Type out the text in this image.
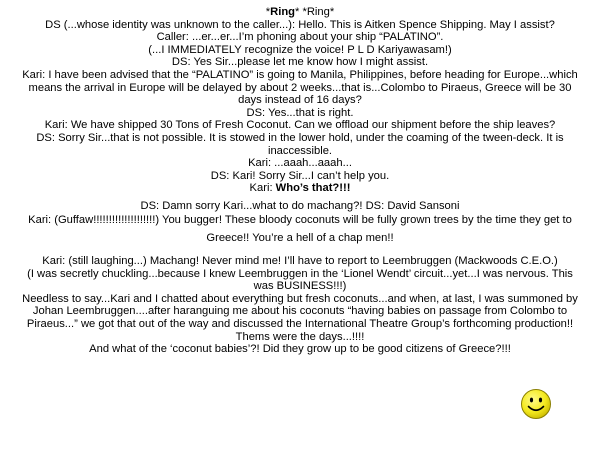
*Ring* *Ring*
DS (...whose identity was unknown to the caller...): Hello. This is Aitken Spence Shipping. May I assist?
Caller: ...er...er...I’m phoning about your ship “PALATINO”.
(...I IMMEDIATELY recognize the voice! P L D Kariyawasam!)
DS: Yes Sir...please let me know how I might assist.
Kari: I have been advised that the “PALATINO” is going to Manila, Philippines, before heading for Europe...which
means the arrival in Europe will be delayed by about 2 weeks...that is...Colombo to Piraeus, Greece will be 30
days instead of 16 days?
DS: Yes...that is right.
Kari: We have shipped 30 Tons of Fresh Coconut. Can we offload our shipment before the ship leaves?
DS: Sorry Sir...that is not possible. It is stowed in the lower hold, under the coaming of the tween-deck. It is
inaccessible.
Kari: ...aaah...aaah...
DS: Kari! Sorry Sir...I can’t help you.
Kari: Who’s that?!!!
DS: Damn sorry Kari...what to do machang?! DS: David Sansoni
Kari: (Guffaw!!!!!!!!!!!!!!!!!!!!) You bugger! These bloody coconuts will be fully grown trees by the time they get to
Greece!! You’re a hell of a chap men!!
Kari: (still laughing...) Machang! Never mind me! I’ll have to report to Leembruggen (Mackwoods C.E.O.)
(I was secretly chuckling...because I knew Leembruggen in the ‘Lionel Wendt’ circuit...yet...I was nervous. This
was BUSINESS!!!)
Needless to say...Kari and I chatted about everything but fresh coconuts...and when, at last, I was summoned by
Johan Leembruggen....after haranguing me about his coconuts “having babies on passage from Colombo to
Piraeus...” we got that out of the way and discussed the International Theatre Group’s forthcoming production!!
Thems were the days...!!!!
And what of the ‘coconut babies’?! Did they grow up to be good citizens of Greece?!!!
